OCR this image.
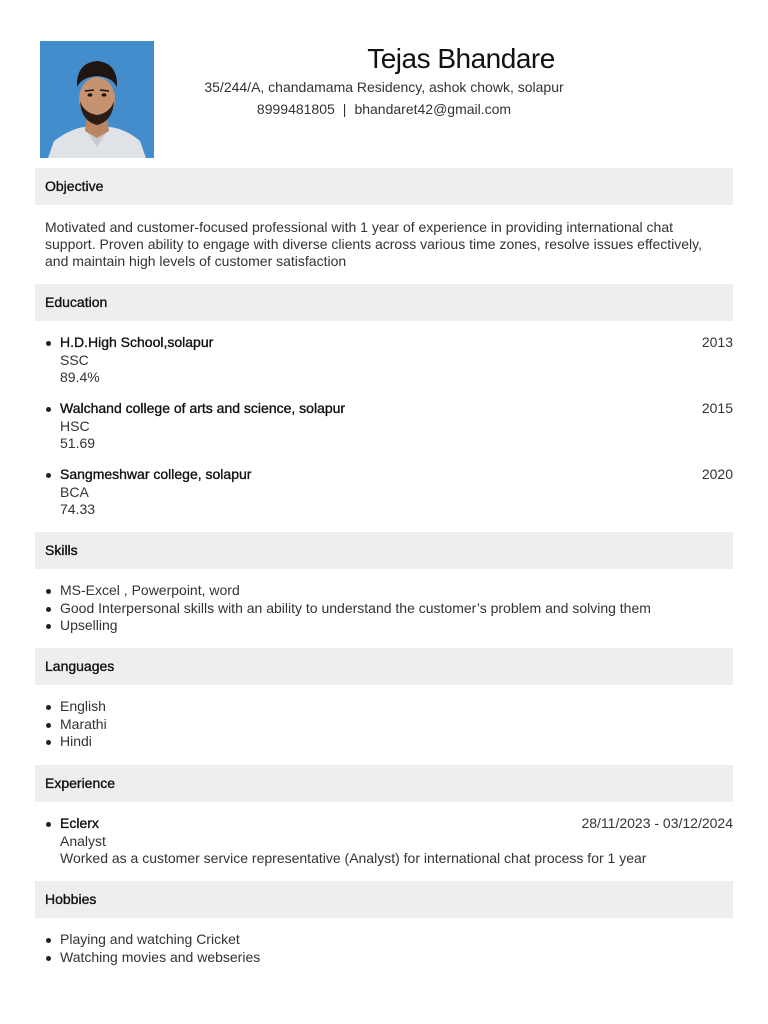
Tejas Bhandare
35/244/A, chandamama Residency, ashok chowk, solapur
8999481805 | bhandaret42@gmail.com
Objective
Motivated and customer-focused professional with 1 year of experience in providing international chat
support. Proven ability to engage with diverse clients across various time zones, resolve issues effectively,
and maintain high levels of customer satisfaction
Education
H.D.High School,solapur	2013
SSC
89.4%
Walchand college of arts and science, solapur	2015
HSC
51.69
Sangmeshwar college, solapur	2020
BCA
74.33
Skills
MS-Excel , Powerpoint, word
Good Interpersonal skills with an ability to understand the customer’s problem and solving them
Upselling
Languages
English
Marathi
Hindi
Experience
Eclerx	28/11/2023 - 03/12/2024
Analyst
Worked as a customer service representative (Analyst) for international chat process for 1 year
Hobbies
Playing and watching Cricket
Watching movies and webseries
